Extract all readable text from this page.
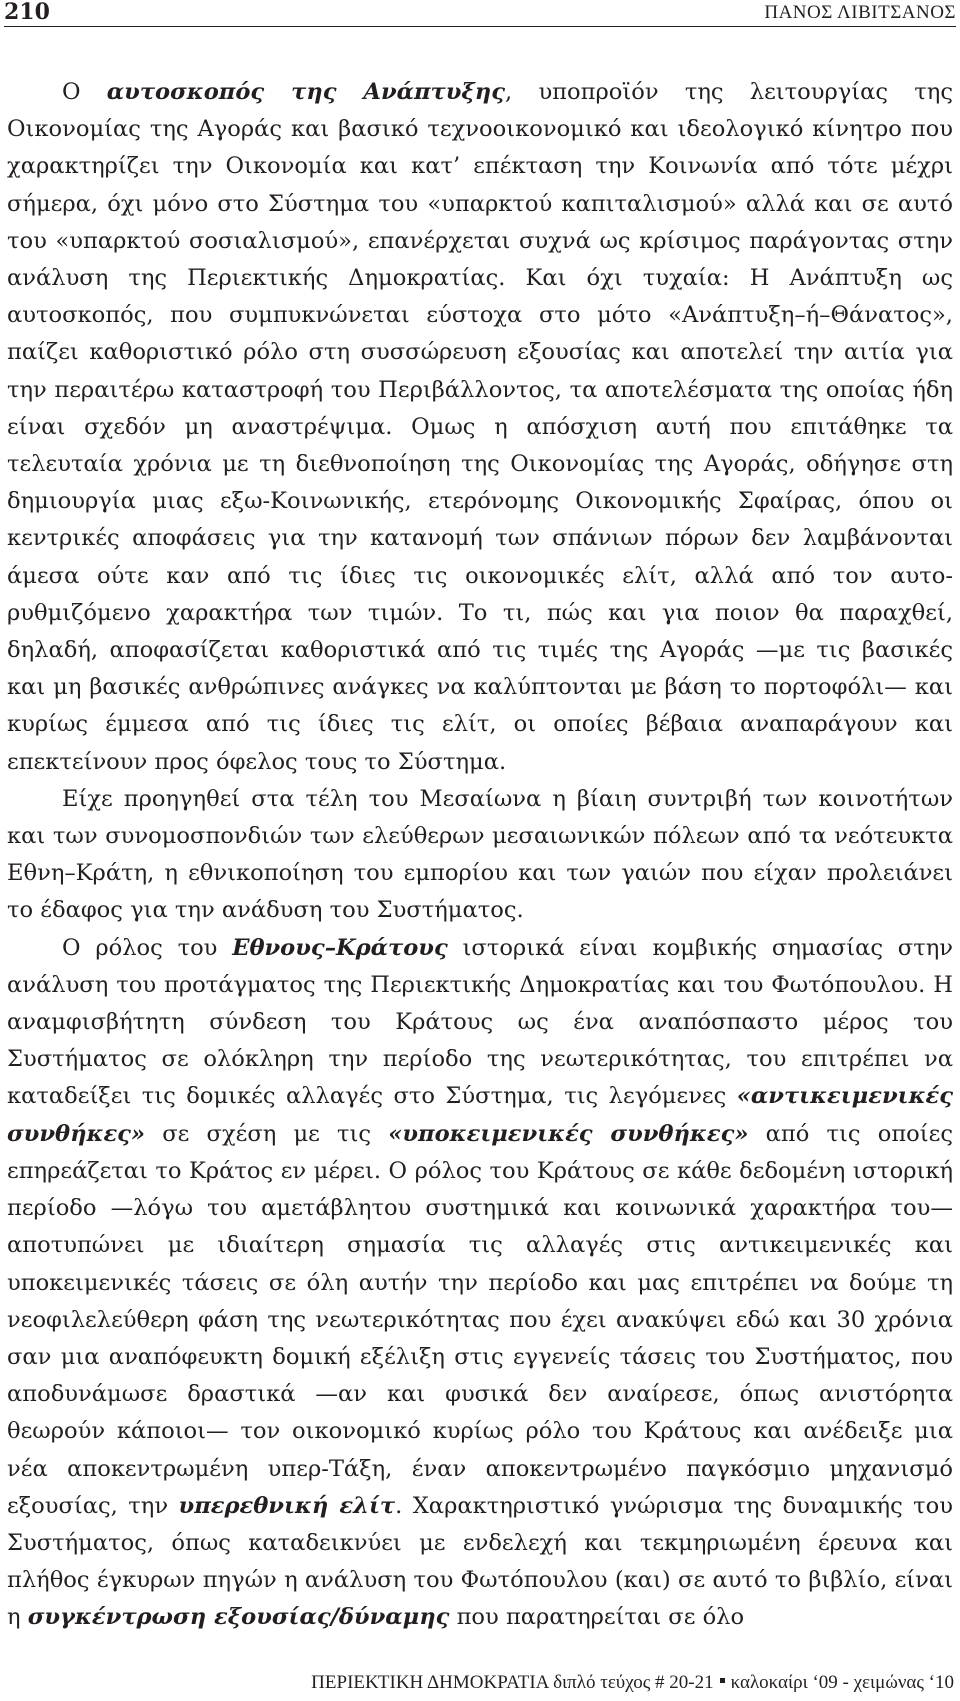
210	ΠΑΝΟΣ ΛΙΒΙΤΣΑΝΟΣ

Ο αυτοσκοπός της Ανάπτυξης, υποπροϊόν της λειτουργίας της Οικονομίας της Αγοράς και βασικό τεχνοοικονομικό και ιδεολογικό κίνητρο που χαρακτηρίζει την Οικονομία και κατ’ επέκταση την Κοινωνία από τότε μέχρι σήμερα, όχι μόνο στο Σύστημα του «υπαρκτού καπιταλισμού» αλλά και σε αυτό του «υπαρκτού σοσιαλισμού», επανέρχεται συχνά ως κρίσιμος παράγοντας στην ανάλυση της Περιεκτικής Δημοκρατίας. Και όχι τυχαία: Η Ανάπτυξη ως αυτοσκοπός, που συμπυκνώνεται εύστοχα στο μότο «Ανάπτυξη–ή–Θάνατος», παίζει καθοριστικό ρόλο στη συσσώρευση εξουσίας και αποτελεί την αιτία για την περαιτέρω καταστροφή του Περιβάλλοντος, τα αποτελέσματα της οποίας ήδη είναι σχεδόν μη αναστρέψιμα. Ομως η απόσχιση αυτή που επιτάθηκε τα τελευταία χρόνια με τη διεθνοποίηση της Οικονομίας της Αγοράς, οδήγησε στη δημιουργία μιας εξω-Κοινωνικής, ετερόνομης Οικονομικής Σφαίρας, όπου οι κεντρικές αποφάσεις για την κατανομή των σπάνιων πόρων δεν λαμβάνονται άμεσα ούτε καν από τις ίδιες τις οικονομικές ελίτ, αλλά από τον αυτο-ρυθμιζόμενο χαρακτήρα των τιμών. Το τι, πώς και για ποιον θα παραχθεί, δηλαδή, αποφασίζεται καθοριστικά από τις τιμές της Αγοράς —με τις βασικές και μη βασικές ανθρώπινες ανάγκες να καλύπτονται με βάση το πορτοφόλι— και κυρίως έμμεσα από τις ίδιες τις ελίτ, οι οποίες βέβαια αναπαράγουν και επεκτείνουν προς όφελος τους το Σύστημα.

Είχε προηγηθεί στα τέλη του Μεσαίωνα η βίαιη συντριβή των κοινοτήτων και των συνομοσπονδιών των ελεύθερων μεσαιωνικών πόλεων από τα νεότευκτα Εθνη–Κράτη, η εθνικοποίηση του εμπορίου και των γαιών που είχαν προλειάνει το έδαφος για την ανάδυση του Συστήματος.

Ο ρόλος του Εθνους–Κράτους ιστορικά είναι κομβικής σημασίας στην ανάλυση του προτάγματος της Περιεκτικής Δημοκρατίας και του Φωτόπουλου. Η αναμφισβήτητη σύνδεση του Κράτους ως ένα αναπόσπαστο μέρος του Συστήματος σε ολόκληρη την περίοδο της νεωτερικότητας, του επιτρέπει να καταδείξει τις δομικές αλλαγές στο Σύστημα, τις λεγόμενες «αντικειμενικές συνθήκες» σε σχέση με τις «υποκειμενικές συνθήκες» από τις οποίες επηρεάζεται το Κράτος εν μέρει. Ο ρόλος του Κράτους σε κάθε δεδομένη ιστορική περίοδο —λόγω του αμετάβλητου συστημικά και κοινωνικά χαρακτήρα του— αποτυπώνει με ιδιαίτερη σημασία τις αλλαγές στις αντικειμενικές και υποκειμενικές τάσεις σε όλη αυτήν την περίοδο και μας επιτρέπει να δούμε τη νεοφιλελεύθερη φάση της νεωτερικότητας που έχει ανακύψει εδώ και 30 χρόνια σαν μια αναπόφευκτη δομική εξέλιξη στις εγγενείς τάσεις του Συστήματος, που αποδυνάμωσε δραστικά —αν και φυσικά δεν αναίρεσε, όπως ανιστόρητα θεωρούν κάποιοι— τον οικονομικό κυρίως ρόλο του Κράτους και ανέδειξε μια νέα αποκεντρωμένη υπερ-Τάξη, έναν αποκεντρωμένο παγκόσμιο μηχανισμό εξουσίας, την υπερεθνική ελίτ. Χαρακτηριστικό γνώρισμα της δυναμικής του Συστήματος, όπως καταδεικνύει με ενδελεχή και τεκμηριωμένη έρευνα και πλήθος έγκυρων πηγών η ανάλυση του Φωτόπουλου (και) σε αυτό το βιβλίο, είναι η συγκέντρωση εξουσίας/δύναμης που παρατηρείται σε όλο

ΠΕΡΙΕΚΤΙΚΗ ΔΗΜΟΚΡΑΤΙΑ διπλό τεύχος # 20-21 καλοκαίρι ‘09 - χειμώνας ‘10
